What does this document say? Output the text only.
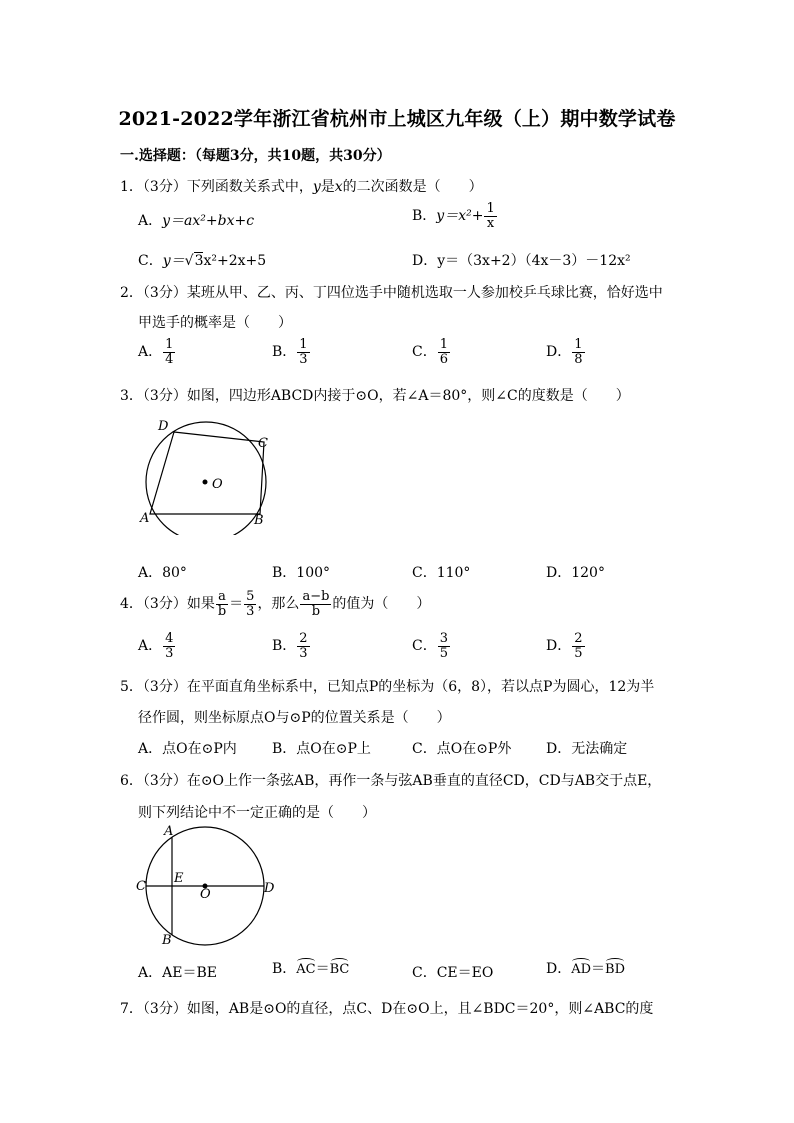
2021-2022学年浙江省杭州市上城区九年级（上）期中数学试卷
一.选择题：（每题3分，共10题，共30分）
1．（3分）下列函数关系式中，y是x的二次函数是（　　）
A．y＝ax²+bx+c	B．$y=x^2+ \frac{1}{x}$
C．y＝√3x²+2x+5	D．y＝（3x+2）（4x－3）－12x²
2．（3分）某班从甲、乙、丙、丁四位选手中随机选取一人参加校乒乓球比赛，恰好选中
甲选手的概率是（　　）
A． $\frac{1}{4}$	B． $\frac{1}{3}$	C． $\frac{1}{6}$	D． $\frac{1}{8}$
3．（3分）如图，四边形ABCD内接于⊙O，若∠A＝80°，则∠C的度数是（　　）
D
C
O
A	B
A．80°	B．100°	C．110°	D．120°
4．（3分）如果 $\frac{a}{b} = \frac{5}{3}$ ，那么 $\frac{a-b}{b}$ 的值为（　　）
A． $\frac{4}{3}$	B． $\frac{2}{3}$	C． $\frac{3}{5}$	D． $\frac{2}{5}$
5．（3分）在平面直角坐标系中，已知点P的坐标为（6，8），若以点P为圆心，12为半
径作圆，则坐标原点O与⊙P的位置关系是（　　）
A．点O在⊙P内	B．点O在⊙P上	C．点O在⊙P外 D．无法确定
6．（3分）在⊙O上作一条弦AB，再作一条与弦AB垂直的直径CD，CD与AB交于点E，
则下列结论中不一定正确的是（　　）
A
C
E
O	D
B
A．AE＝BE	B．AC＝BC	C．CE＝EO	D．AD＝BD
7．（3分）如图，AB是⊙O的直径，点C、D在⊙O上，且∠BDC＝20°，则∠ABC的度
